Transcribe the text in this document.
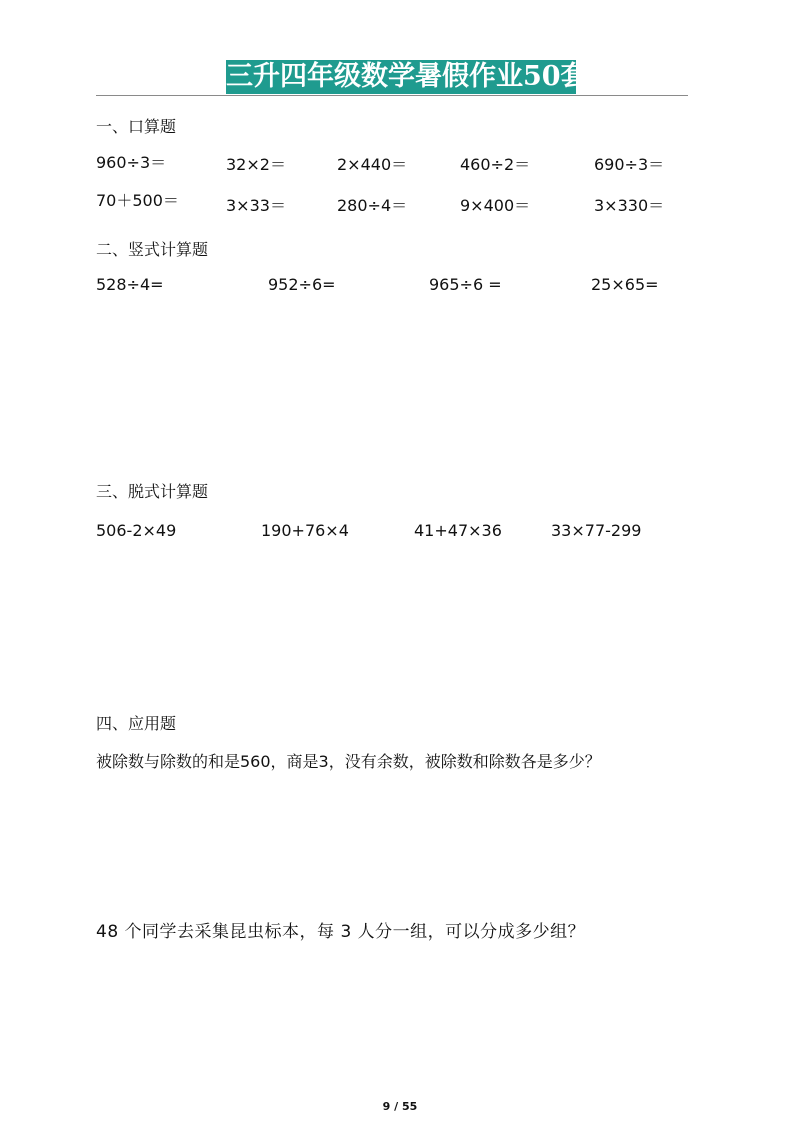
三升四年级数学暑假作业50套
一、口算题
960÷3＝	32×2＝	2×440＝	460÷2＝	690÷3＝
70＋500＝	3×33＝	280÷4＝	9×400＝	3×330＝
二、竖式计算题
528÷4=	952÷6=	965÷6 =	25×65=
三、脱式计算题
506-2×49	190+76×4	41+47×36	33×77-299
四、应用题
被除数与除数的和是560，商是3，没有余数，被除数和除数各是多少？
48 个同学去采集昆虫标本，每 3 人分一组，可以分成多少组？
9 / 55
